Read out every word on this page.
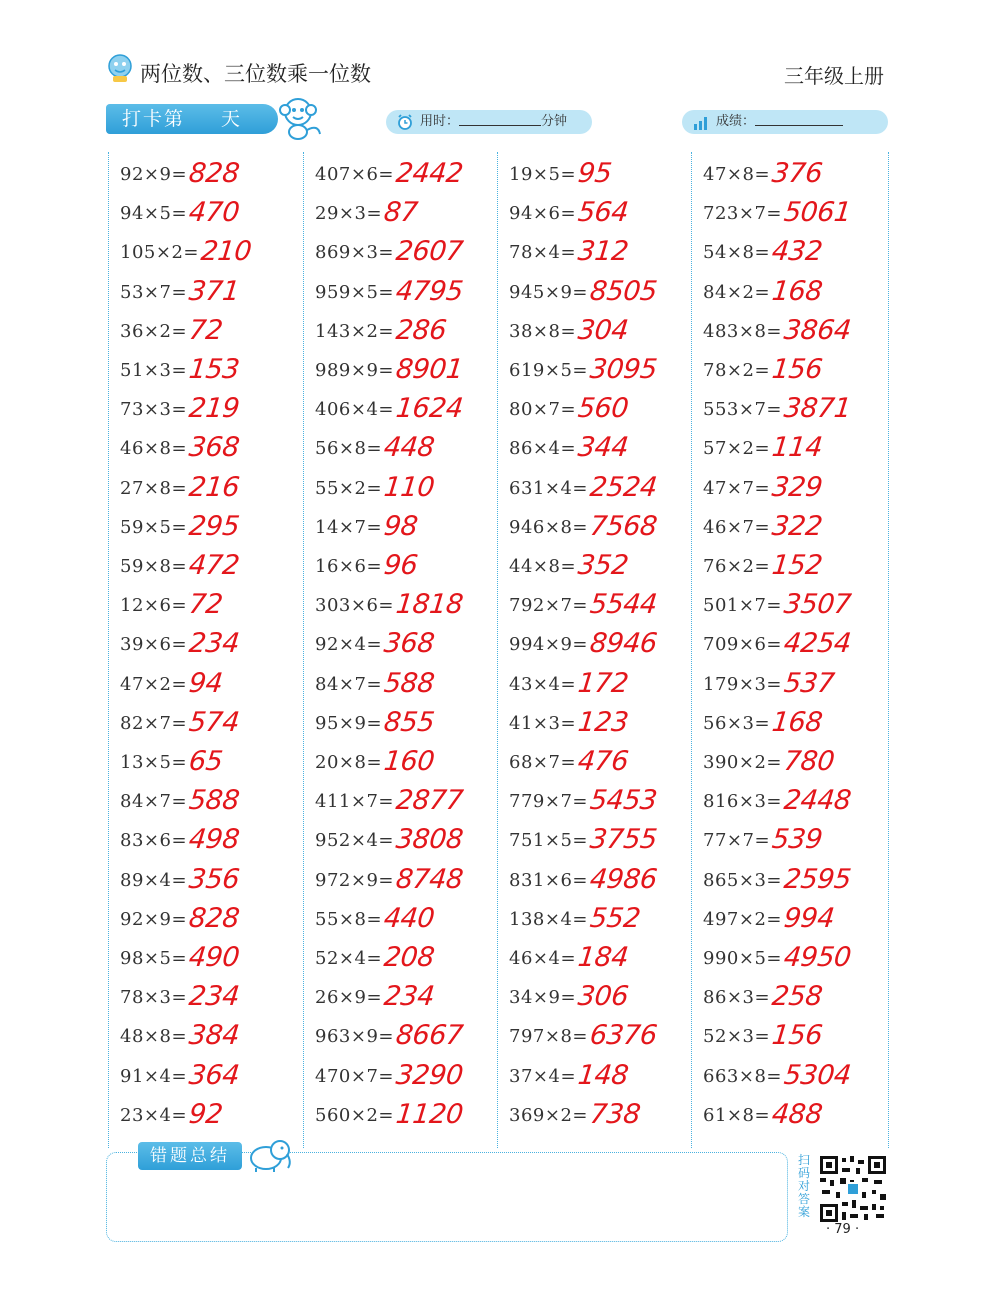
两位数、三位数乘一位数	三年级上册
打卡第 天	用时：	分钟	成绩：
92×9= 828
94×5= 470
105×2= 210
53×7= 371
36×2= 72
51×3= 153
73×3= 219
46×8= 368
27×8= 216
59×5= 295
59×8= 472
12×6= 72
39×6= 234
47×2= 94
82×7= 574
13×5= 65
84×7= 588
83×6= 498
89×4= 356
92×9= 828
98×5= 490
78×3= 234
48×8= 384
91×4= 364
23×4= 92
407×6= 2442
29×3= 87
869×3= 2607
959×5= 4795
143×2= 286
989×9= 8901
406×4= 1624
56×8= 448
55×2= 110
14×7= 98
16×6= 96
303×6= 1818
92×4= 368
84×7= 588
95×9= 855
20×8= 160
411×7= 2877
952×4= 3808
972×9= 8748
55×8= 440
52×4= 208
26×9= 234
963×9= 8667
470×7= 3290
560×2= 1120
19×5= 95
94×6= 564
78×4= 312
945×9= 8505
38×8= 304
619×5= 3095
80×7= 560
86×4= 344
631×4= 2524
946×8= 7568
44×8= 352
792×7= 5544
994×9= 8946
43×4= 172
41×3= 123
68×7= 476
779×7= 5453
751×5= 3755
831×6= 4986
138×4= 552
46×4= 184
34×9= 306
797×8= 6376
37×4= 148
369×2= 738
47×8= 376
723×7= 5061
54×8= 432
84×2= 168
483×8= 3864
78×2= 156
553×7= 3871
57×2= 114
47×7= 329
46×7= 322
76×2= 152
501×7= 3507
709×6= 4254
179×3= 537
56×3= 168
390×2= 780
816×3= 2448
77×7= 539
865×3= 2595
497×2= 994
990×5= 4950
86×3= 258
52×3= 156
663×8= 5304
61×8= 488
错题总结	扫码对答案
· 79 ·
